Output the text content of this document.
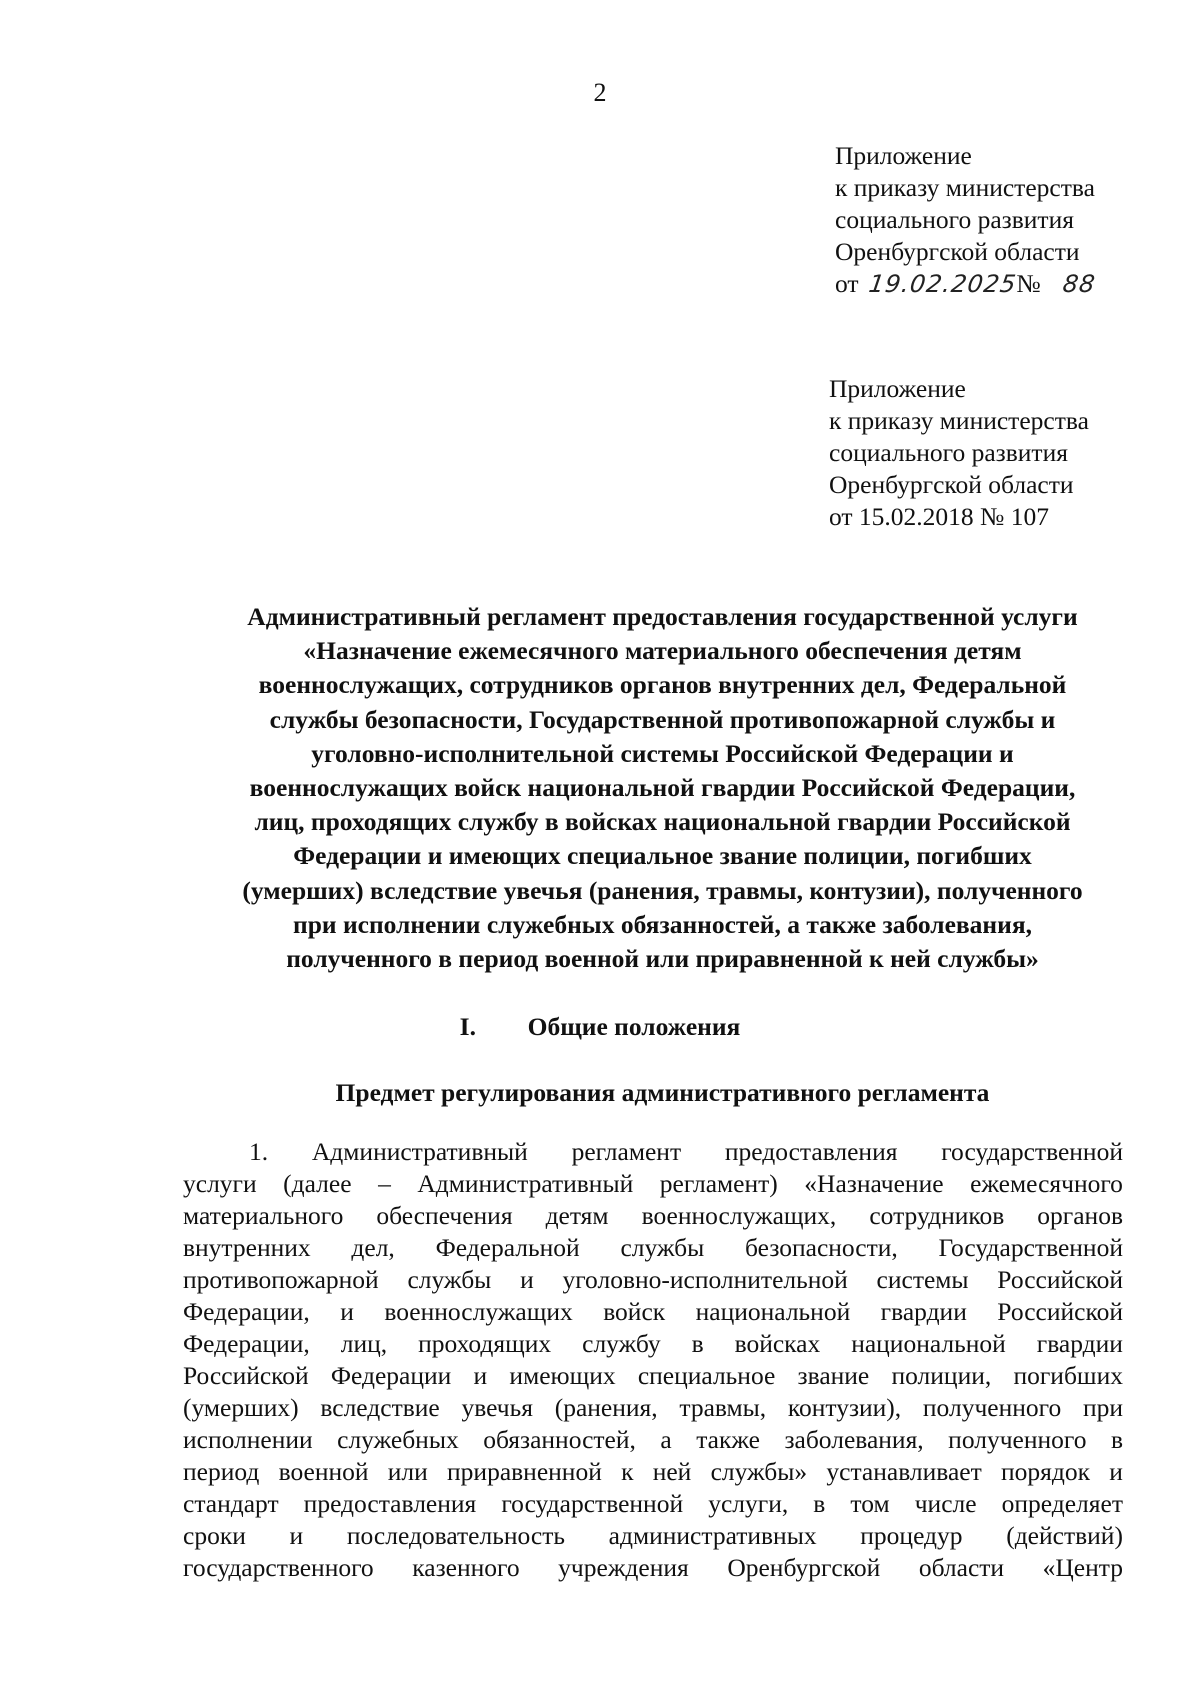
2
Приложение
к приказу министерства
социального развития
Оренбургской области
от 19.02.2025№ 88
Приложение
к приказу министерства
социального развития
Оренбургской области
от 15.02.2018 № 107
Административный регламент предоставления государственной услуги
«Назначение ежемесячного материального обеспечения детям
военнослужащих, сотрудников органов внутренних дел, Федеральной
службы безопасности, Государственной противопожарной службы и
уголовно-исполнительной системы Российской Федерации и
военнослужащих войск национальной гвардии Российской Федерации,
лиц, проходящих службу в войсках национальной гвардии Российской
Федерации и имеющих специальное звание полиции, погибших
(умерших) вследствие увечья (ранения, травмы, контузии), полученного
при исполнении служебных обязанностей, а также заболевания,
полученного в период военной или приравненной к ней службы»
I. Общие положения
Предмет регулирования административного регламента
1. Административный регламент предоставления государственной
услуги (далее – Административный регламент) «Назначение ежемесячного
материального обеспечения детям военнослужащих, сотрудников органов
внутренних дел, Федеральной службы безопасности, Государственной
противопожарной службы и уголовно-исполнительной системы Российской
Федерации, и военнослужащих войск национальной гвардии Российской
Федерации, лиц, проходящих службу в войсках национальной гвардии
Российской Федерации и имеющих специальное звание полиции, погибших
(умерших) вследствие увечья (ранения, травмы, контузии), полученного при
исполнении служебных обязанностей, а также заболевания, полученного в
период военной или приравненной к ней службы» устанавливает порядок и
стандарт предоставления государственной услуги, в том числе определяет
сроки и последовательность административных процедур (действий)
государственного казенного учреждения Оренбургской области «Центр
